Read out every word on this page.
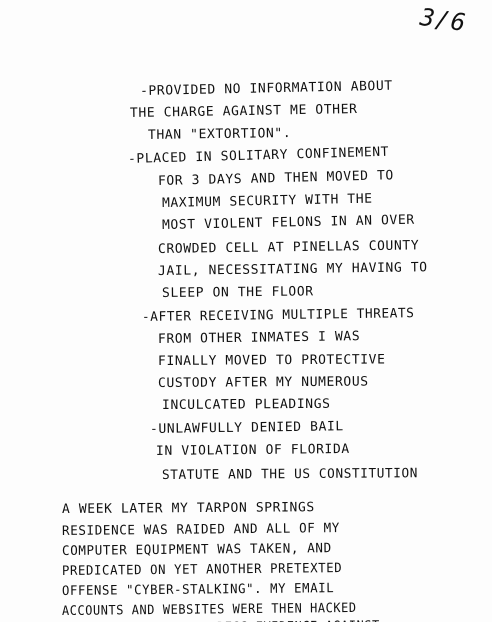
3/6
-PROVIDED NO INFORMATION ABOUT
THE CHARGE AGAINST ME OTHER
THAN "EXTORTION".
-PLACED IN SOLITARY CONFINEMENT
FOR 3 DAYS AND THEN MOVED TO
MAXIMUM SECURITY WITH THE
MOST VIOLENT FELONS IN AN OVER
CROWDED CELL AT PINELLAS COUNTY
JAIL, NECESSITATING MY HAVING TO
SLEEP ON THE FLOOR
-AFTER RECEIVING MULTIPLE THREATS
FROM OTHER INMATES I WAS
FINALLY MOVED TO PROTECTIVE
CUSTODY AFTER MY NUMEROUS
INCULCATED PLEADINGS
-UNLAWFULLY DENIED BAIL
IN VIOLATION OF FLORIDA
STATUTE AND THE US CONSTITUTION
A WEEK LATER MY TARPON SPRINGS
RESIDENCE WAS RAIDED AND ALL OF MY
COMPUTER EQUIPMENT WAS TAKEN, AND
PREDICATED ON YET ANOTHER PRETEXTED
OFFENSE "CYBER-STALKING". MY EMAIL
ACCOUNTS AND WEBSITES WERE THEN HACKED
